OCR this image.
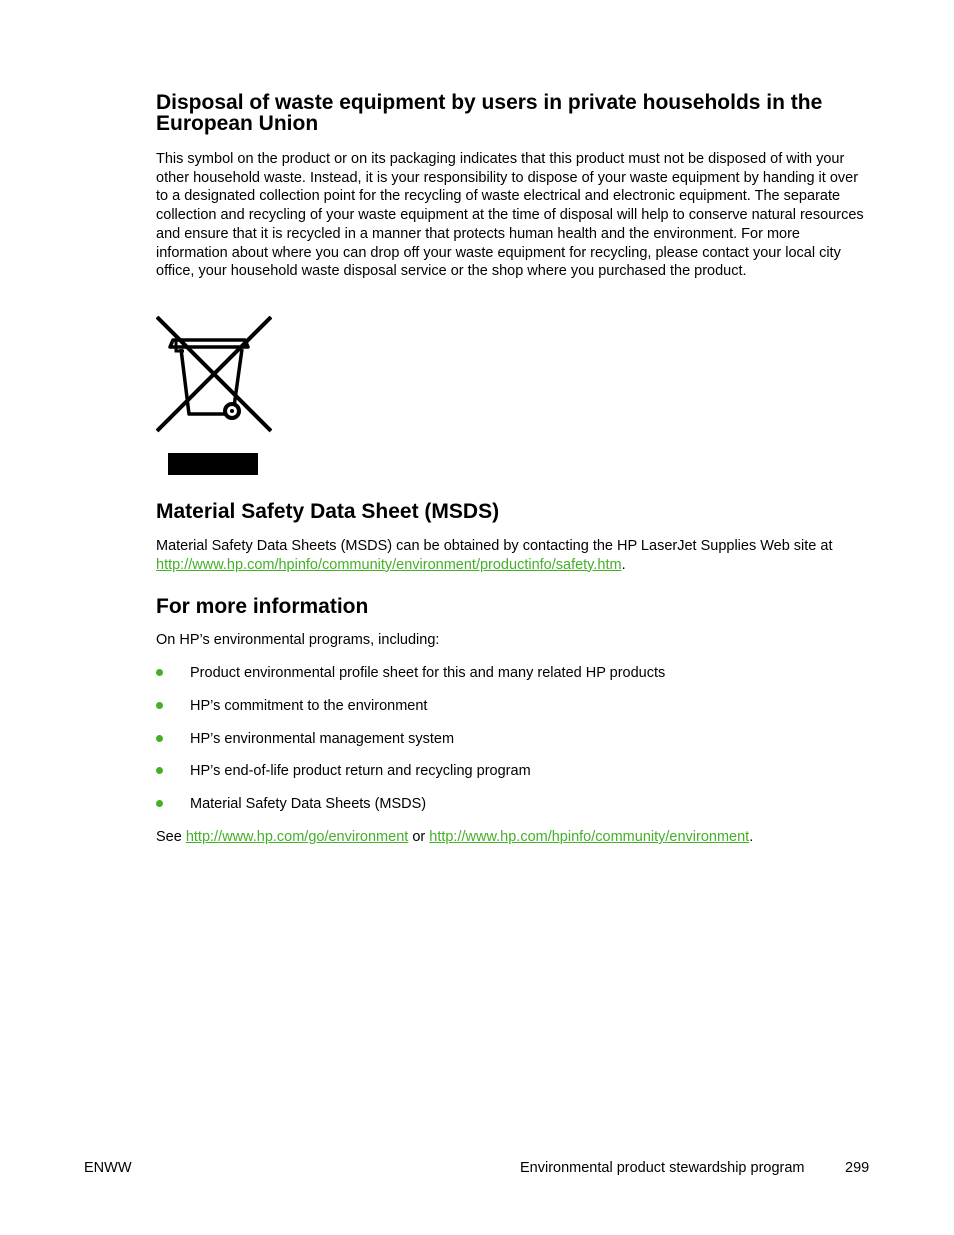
Disposal of waste equipment by users in private households in the European Union

This symbol on the product or on its packaging indicates that this product must not be disposed of with your other household waste. Instead, it is your responsibility to dispose of your waste equipment by handing it over to a designated collection point for the recycling of waste electrical and electronic equipment. The separate collection and recycling of your waste equipment at the time of disposal will help to conserve natural resources and ensure that it is recycled in a manner that protects human health and the environment. For more information about where you can drop off your waste equipment for recycling, please contact your local city office, your household waste disposal service or the shop where you purchased the product.

Material Safety Data Sheet (MSDS)

Material Safety Data Sheets (MSDS) can be obtained by contacting the HP LaserJet Supplies Web site at http://www.hp.com/hpinfo/community/environment/productinfo/safety.htm.

For more information

On HP’s environmental programs, including:

Product environmental profile sheet for this and many related HP products
HP’s commitment to the environment
HP’s environmental management system
HP’s end-of-life product return and recycling program
Material Safety Data Sheets (MSDS)

See http://www.hp.com/go/environment or http://www.hp.com/hpinfo/community/environment.

ENWW	Environmental product stewardship program	299
